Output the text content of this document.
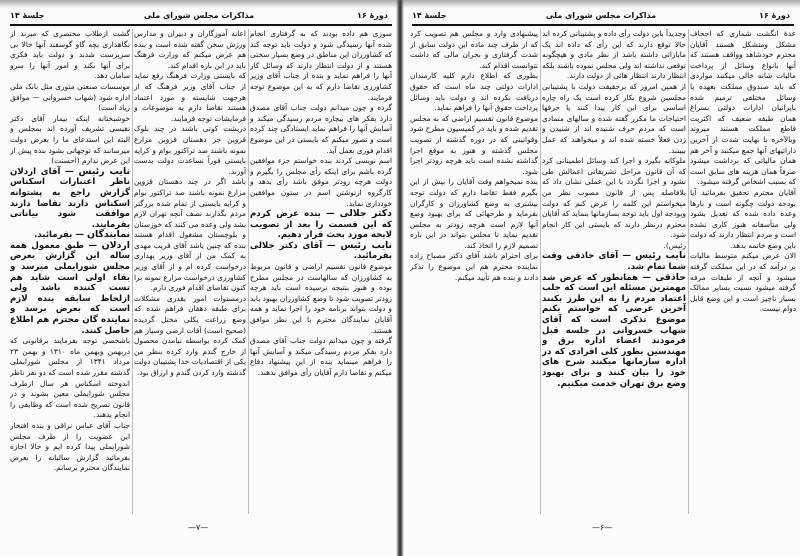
دورهٔ ۱۶
مذاکرات مجلس شورای ملی
جلسهٔ ۱۴

سوزی هم داده بودند که به گرفتاری انجام شده آنها رسیدگی شود و دولت باید توجه کند که کشاورزان این مناطق در وضع بسیار سختی هستند و از دولت انتظار دارند که وسائل کار آنها را فراهم نماید و بنده از جناب آقای وزیر کشاورزی تقاضا دارم که به این موضوع توجه فرمایند.

گرده و چون میدانم دولت جناب آقای مصدق دارد بفکر های بیچاره مردم رسیدگی میکند و آسایش آنها را فراهم نماید ایستادگی چند کرده است و تصور میکنم که بایستی در این موضوع اقدام فوری بعمل آید.

اسم نویسی کردند بنده خواستم جزء موافقین گرده باشم برای اینکه رأی مجلس را بگیرم و دولت هرچه زودتر موفق باشد رأی بدهد و کارگروه ازنوشتن اسم در ستون موافقین خودداری نماید.

دکتر جلالی — بنده عرض کردم که این قسمت را بعد از تصویب لایحه مورد بحث قرار دهیم.

نایب رئیس — آقای دکتر جلالی بفرمائید.

موضوع قانون تقسیم اراضی و قانون مربوط به کشاورزان که سالهاست در مجلس مطرح بوده و هنوز بنتیجه نرسیده است باید هرچه زودتر تصویب شود تا وضع کشاورزان بهبود یابد و دولت بتواند برنامه خود را اجرا نماید و همه آقایان نمایندگان محترم با این نظر موافق هستند.

گرفته و چون میدانم دولت جناب آقای مصدق دارد بفکر مردم رسیدگی میکند و آسایش آنها را فراهم مینماید بنده از این پیشنهاد دفاع میکنم و تقاضا دارم آقایان رأی موافق بدهند.

اعانه آموزگاران و دبیران و مدارس ورزش سخن گفته شده است و بنده هم عرض میکنم که وزارت فرهنگ باید در این باره اقدام کند.

که بایستی وزارت فرهنگ رفع نماید از جناب آقای وزیر فرهنگ که از هرجهت شایسته و مورد اعتماد هستند تقاضا دارم به موضوعات و فرمایشات توجه فرمایند.

دریشت کوتی باشند در چند بلوک قزوین جز دهستان قزوین مزارع نمونه باشند صد تراکتور بوام و کرایه بایستی فوراً نساعدت دولت بدست آورند.

باشد اگر در چند دهستان قزوین مزارع نمونه باشند صد تراکتور بوام و کرایه بایستی از تمام شده بزرگتر مردم بگذارند نصف آنچه تهران لازم بشد ولی وعده می کنند که خوزستان و بلوچستان مشغول اقدام هستند بنده که چنین باشد آقای قریب مهدی به کمک من از آقای وزیر پهداری درخواست کرده ام و از آقای وزیر کشاورزی درخواست مزارع نمونه برا کنون تقاضای اقدام فوری دارم.

درمستوات امور بقدری مشکلات برای طبقه دهقان فراهم شده که وضع زراعت یکلی مختل گردیده (صحیح است) آقات ارضی وسیار هم کمک کرده بواسطه نیامدن محصول از خارج گندم وارد کرده بنظر من یکی از اقتصادیات خدا پشتیبان دولت گذشته وارد کردن گندم و ارزاق بود.

گشت ازطلاب مختصری که میرند از نگاهداری بچه گاو گوسفند آنها حالا بی سرپرست شدند و دولت باید فکری برای آنها بکند و امور آنها را سرو سامان دهد.

موسسات صنعتی متوری مثل بانک ملی اداره شود (شهاب خسروانی — موافق زیاد است)

خوشبختانه اینکه بیمار آقای دکتر نفیسی تشریف آورده اند بمجلس و البته این استدعای ما را بعرض دولت میرسانند که توجهاتی بشود بنده پیش از این عرض ندارم (احسنت)

نایب رئیس — آقای اردلان ناظر اعتبارات اسکناس گزارش راجع به پشتوانه اسکناس دارند تقاضا دارند موافقت شود بیاناتی بفرمایند.

نمایندگان — بفرمائید.

اردلان — طبق معمول همه ساله این گزارش بعرض مجلس شورایملی میرسد و بقاء اولی است شاید هم تست کننده باشد ولی ازلحاظ سابقه بنده لازم است که بعرض برسد و نماینده گان محترم هم اطلاع حاصل کنند.

باشخصی توجه بفرمایند برقانونی که دربهمن وبهمن ماه ۱۳۱۰ و بهمن ۲۳ مرداد ۱۳۴۱ از مجلس شورایملی گذشته مقرر شده است که دو نفر ناظر اندوخته اسکناس هر سال ازطرف مجلس شورایملی معین بشوند و در قانون تصریح شده است که وظایفی را انجام بدهند.

جناب آقای عباس نراقی و بنده افتخار این عضویت را از طرف مجلس شورایملی پیدا کرده ایم و حالا اجازه بفرمائید گزارش سالیانه را بعرض نمایندگان محترم برسانم.

—۷—
دورهٔ ۱۶
مذاکرات مجلس شورای ملی
جلسهٔ ۱۴

عدهٔ انگشت شماری که اجحاف مشکل ومتشکل هستند آقایان محترم خودشاهد وواقف هستند که آنها بانواع وسائل از پرداخت مالیات شانه خالی میکنند مواردی که باید صندوق مملکت بعهده یا وسائل مختلفی ترمیم شده بایرانیان ادارات دولتی بسراغ همان طبقه ضعیف که اکثریت قاطع مملکت هستند میروند وبالآخره با نهایت شدت از آخرین دارائیهای آنها جمع میکنند و آخر هم همان مالیاتی که برداشت میشود صرفاً همان هزینه های سابق است که بسبب اشخاص گرفته میشود.

آقایان محترم تحقیق بفرمائید آیا بودجه دولت چگونه است و بارها وعده داده شده که تعدیل بشود ولی متأسفانه هنوز کاری نشده است و مردم انتظار دارند که دولت باین وضع خاتمه بدهد.

الان عرض میکنم متوسط مالیات بر درآمد که در این مملکت گرفته میشود و آنچه از طبقات مرفه گرفته میشود نسبت بسایر ممالک بسیار ناچیز است و این وضع قابل دوام نیست.

وجدیداً باین دولت رأی داده و پشتیبانی کرده اند حالا توقع دارند که این رأی که داده اند یک مابازائی داشته باشد از نظر مادی و هیچگونه توقعی نداشته اند ولی مجلس نموده باشند بلکه انتظار دارند انتظار هائی از دولت دارند.

از همین امروز که برحقیقت دولت با پشتیبانی مجلسین شروع بکار کرده است یک راه چاره اساسی برای این کار پیدا کنند یا حرفها احتیاجات ما مکرر گفته شده و سالهای متمادی است که مردم حرف شنیده اند از شنیدن و زدن فعلاً خسته شده اند و میخواهند که عمل ببینند.

ملوکانه بگیرد و اجرا کند وسائل اطمینانی کرد که آن قانون مراحل تشریفاتی اعمالش طی نشود و اجرا نگردد با این عملی نشان داد که بلافاصله پس از قانون مصوب نظر من میخواستم این کلمه را عرض کنم که دولت وبودجه اول باید توجه بسازمانها بنماید که آقایان محترم درنظر دارند که بایستی این کار انجام شود.

رئیس).

نایب رئیس — آقای حاذقی وقت شما تمام شد.

حاذقی — همانطور که عرض شد مهمترین مسئله این است که جلب اعتماد مردم را به این طرز بکنند آخرین عرضی که خواستم بکنم موضوع تذکری است که آقای شهاب خسروانی در جلسه قبل فرمودند اعضاء اداره برق و مهندسین بطور کلی افرادی که در اداره سازمانها میکنند شرح های خود را بیان کنند و برای بهبود وضع برق تهران خدمت میکنیم.

پیشنهادی وارد و مجلس هم تصویب کرد که از طرف چند ماده این دولت سابق از شدت گرفتاری و بحران مالی که داشت نتوانست اقدام کند.

بطوری که اطلاع دارم کلیه کارمندان ادارات دولتی چند ماه است که حقوق دریافت نکرده اند و دولت باید وسائل پرداخت حقوق آنها را فراهم نماید.

موضوع قانون تقسیم اراضی که به مجلس تقدیم شده و باید در کمیسیون مطرح شود وقوانینی که در دوره گذشته از تصویب مجلس گذشته و هنوز به موقع اجرا گذاشته نشده است باید هرچه زودتر اجرا شود.

بنده نمیخواهم وقت آقایان را بیش از این بگیرم فقط تقاضا دارم که دولت توجه بیشتری به وضع کشاورزان و کارگران بفرماید و طرحهائی که برای بهبود وضع آنها لازم است هرچه زودتر به مجلس تقدیم نماید تا مجلس بتواند در این باره تصمیم لازم را اتخاذ کند.

برای احترام باشد آقای دکتر مصباح زاده نماینده محترم هم این موضوع را تذکر دادند و بنده هم تأیید میکنم.

—۶—
